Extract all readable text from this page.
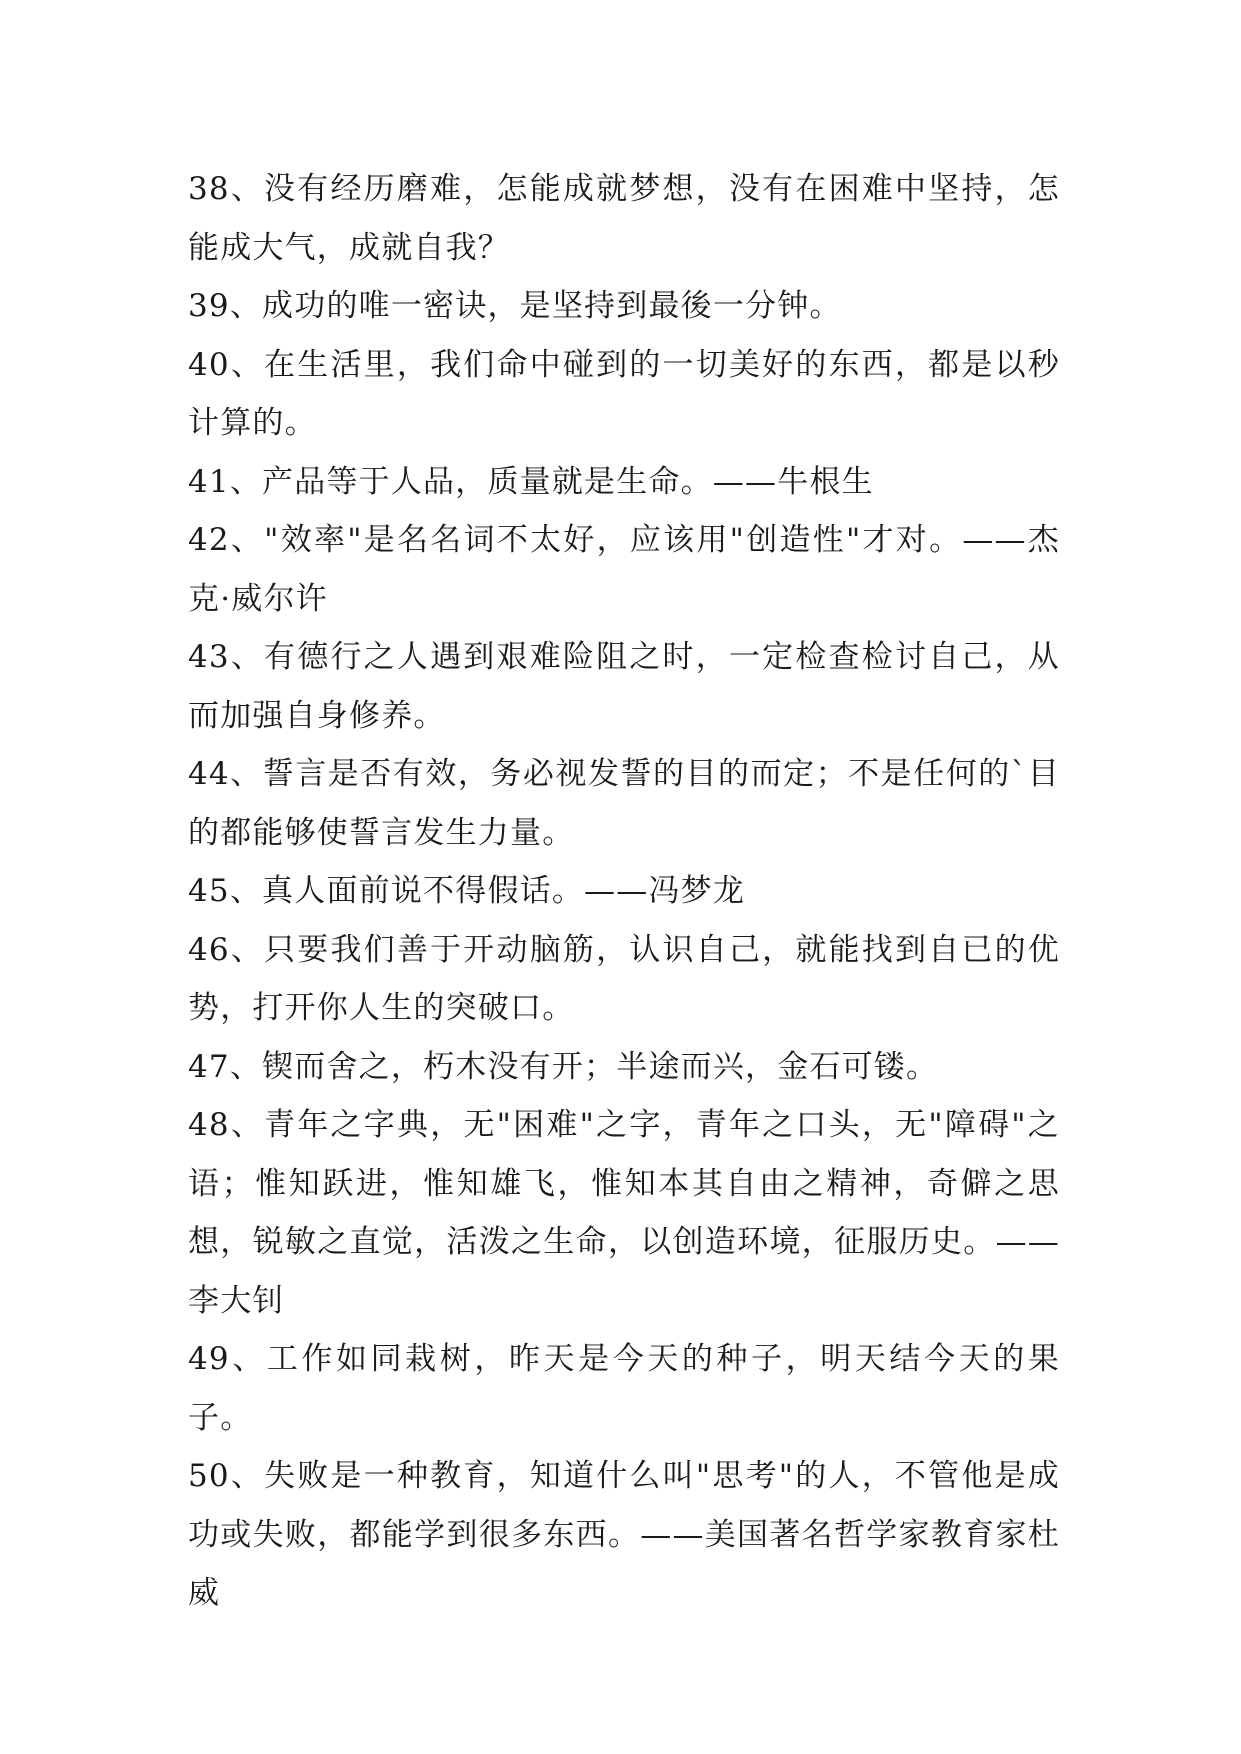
38、没有经历磨难，怎能成就梦想，没有在困难中坚持，怎能成大气，成就自我？

39、成功的唯一密诀，是坚持到最後一分钟。

40、在生活里，我们命中碰到的一切美好的东西，都是以秒计算的。

41、产品等于人品，质量就是生命。——牛根生

42、"效率"是名名词不太好，应该用"创造性"才对。——杰克·威尔许

43、有德行之人遇到艰难险阻之时，一定检查检讨自己，从而加强自身修养。

44、誓言是否有效，务必视发誓的目的而定；不是任何的`目的都能够使誓言发生力量。

45、真人面前说不得假话。——冯梦龙

46、只要我们善于开动脑筋，认识自己，就能找到自已的优势，打开你人生的突破口。

47、锲而舍之，朽木没有开；半途而兴，金石可镂。

48、青年之字典，无"困难"之字，青年之口头，无"障碍"之语；惟知跃进，惟知雄飞，惟知本其自由之精神，奇僻之思想，锐敏之直觉，活泼之生命，以创造环境，征服历史。——李大钊

49、工作如同栽树，昨天是今天的种子，明天结今天的果子。

50、失败是一种教育，知道什么叫"思考"的人，不管他是成功或失败，都能学到很多东西。——美国著名哲学家教育家杜威
